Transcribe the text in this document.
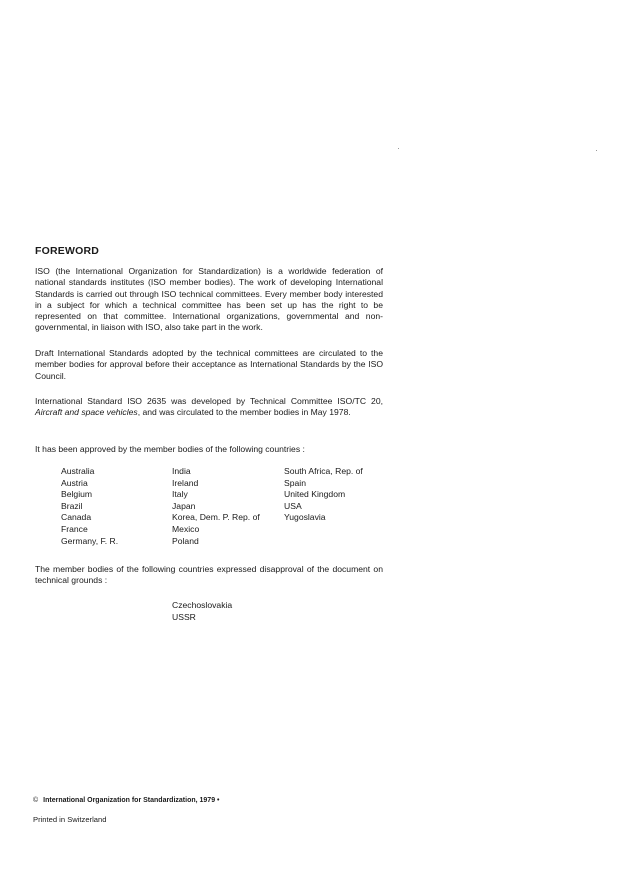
FOREWORD
ISO (the International Organization for Standardization) is a worldwide federation of national standards institutes (ISO member bodies). The work of developing International Standards is carried out through ISO technical committees. Every member body interested in a subject for which a technical committee has been set up has the right to be represented on that committee. International organizations, governmental and non-governmental, in liaison with ISO, also take part in the work.
Draft International Standards adopted by the technical committees are circulated to the member bodies for approval before their acceptance as International Standards by the ISO Council.
International Standard ISO 2635 was developed by Technical Committee ISO/TC 20, Aircraft and space vehicles, and was circulated to the member bodies in May 1978.
It has been approved by the member bodies of the following countries :
Australia
Austria
Belgium
Brazil
Canada
France
Germany, F. R.
India
Ireland
Italy
Japan
Korea, Dem. P. Rep. of
Mexico
Poland
South Africa, Rep. of
Spain
United Kingdom
USA
Yugoslavia
The member bodies of the following countries expressed disapproval of the document on technical grounds :
Czechoslovakia
USSR
© International Organization for Standardization, 1979 •
Printed in Switzerland
